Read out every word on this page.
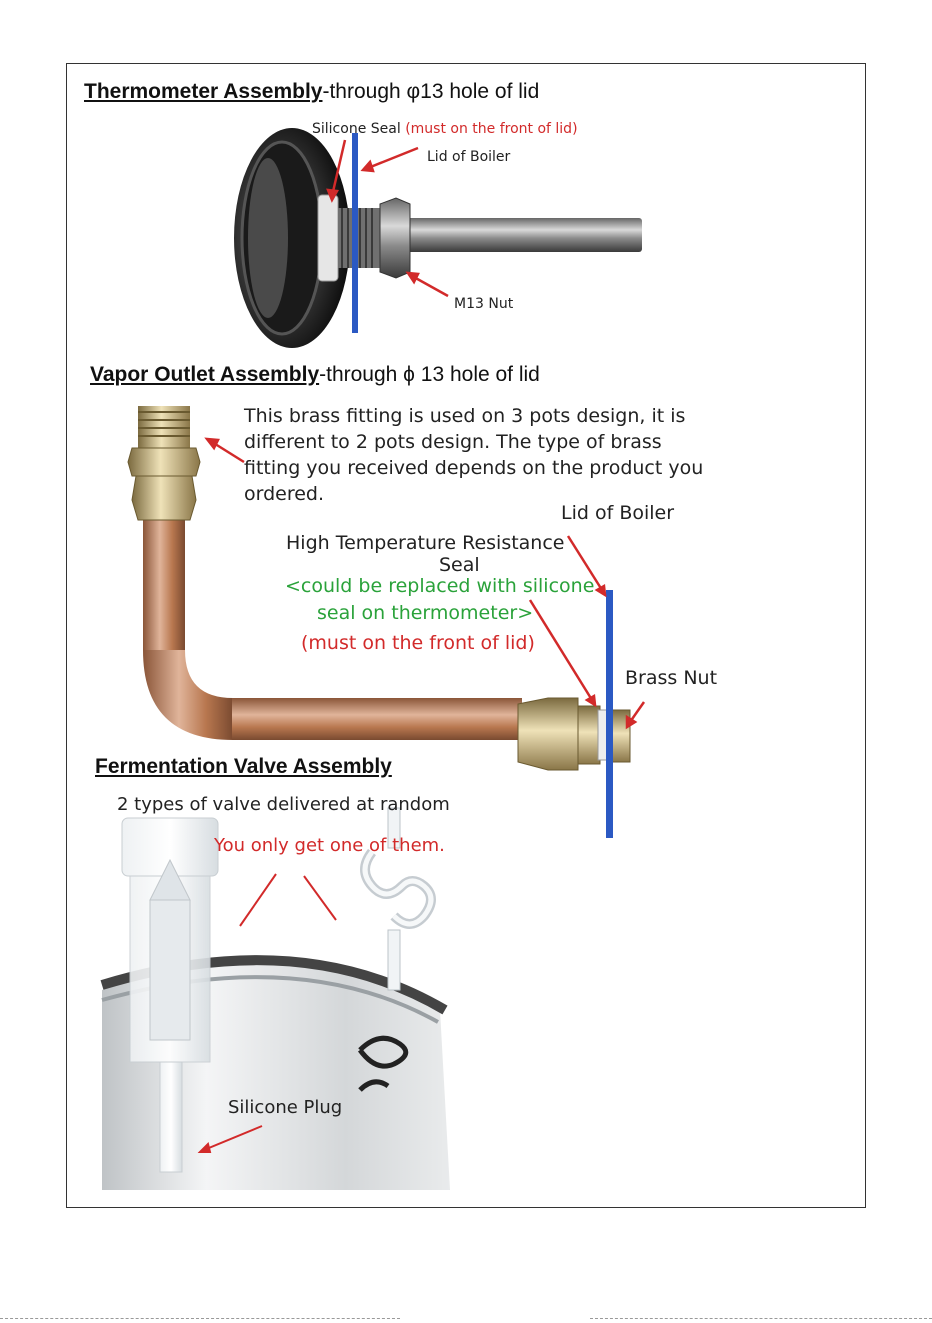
Thermometer Assembly-through φ13 hole of lid
Silicone Seal (must on the front of lid)
Lid of Boiler
M13 Nut
Vapor Outlet Assembly-through ϕ 13 hole of lid
This brass fitting is used on 3 pots design, it is
different to 2 pots design. The type of brass
fitting you received depends on the product you
ordered.
Lid of Boiler
High Temperature Resistance
Seal
<could be replaced with silicone
seal on thermometer>
(must on the front of lid)
Brass Nut
Fermentation Valve Assembly
2 types of valve delivered at random
You only get one of them.
Silicone Plug
